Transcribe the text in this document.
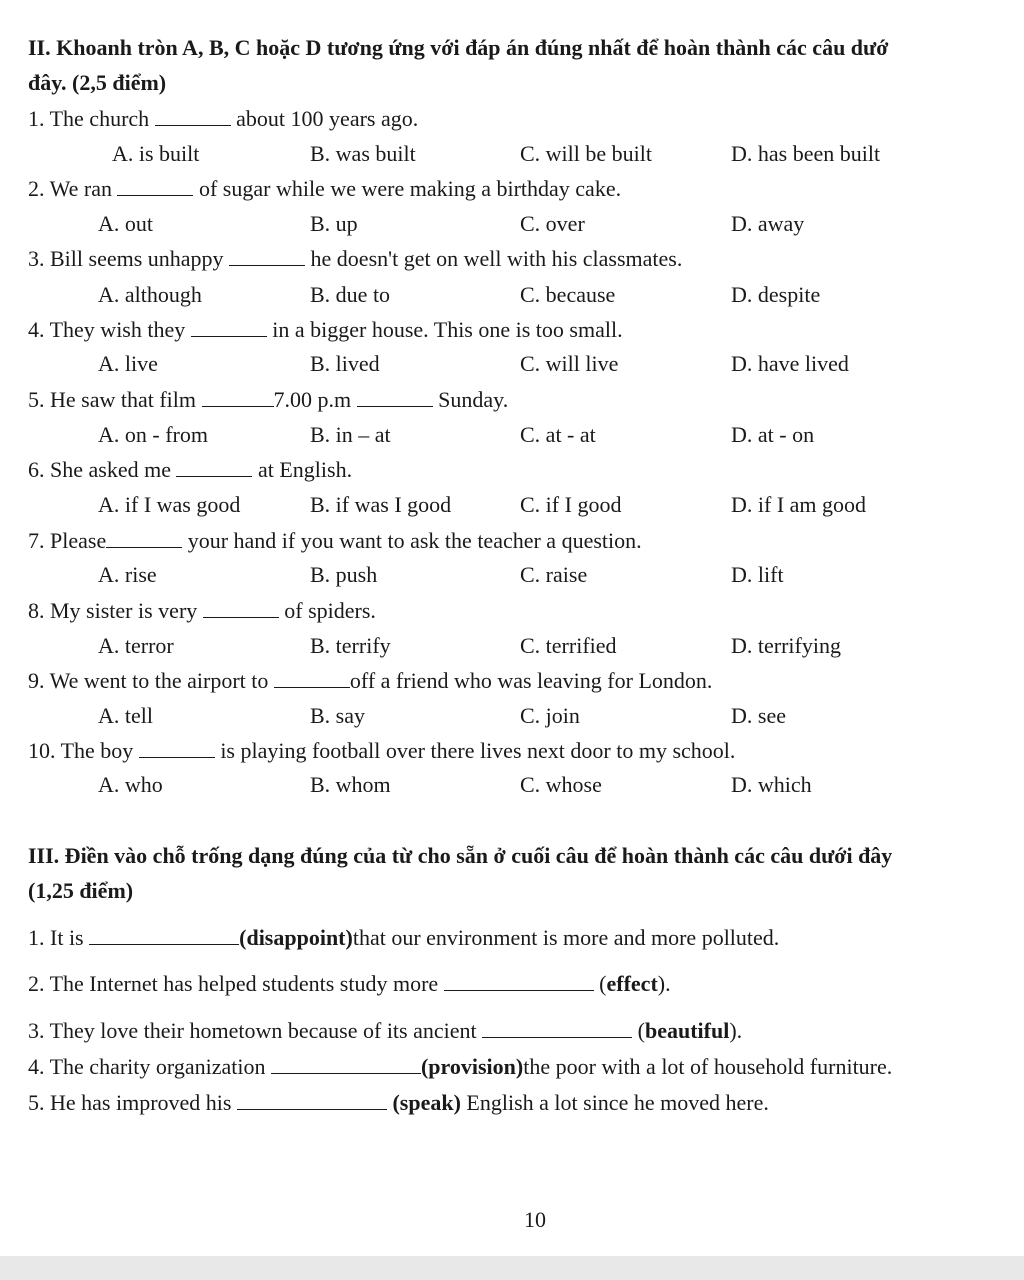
II. Khoanh tròn A, B, C hoặc D tương ứng với đáp án đúng nhất để hoàn thành các câu dướ
đây. (2,5 điểm)
1. The church	about 100 years ago.
A. is built	B. was built	C. will be built	D. has been built
2. We ran	of sugar while we were making a birthday cake.
A. out	B. up	C. over	D. away
3. Bill seems unhappy	he doesn't get on well with his classmates.
A. although	B. due to	C. because	D. despite
4. They wish they	in a bigger house. This one is too small.
A. live	B. lived	C. will live	D. have lived
5. He saw that film	7.00 p.m	Sunday.
A. on - from	B. in – at	C. at - at	D. at - on
6. She asked me	at English.
A. if I was good	B. if was I good	C. if I good	D. if I am good
7. Please	your hand if you want to ask the teacher a question.
A. rise	B. push	C. raise	D. lift
8. My sister is very	of spiders.
A. terror	B. terrify	C. terrified	D. terrifying
9. We went to the airport to	off a friend who was leaving for London.
A. tell	B. say	C. join	D. see
10. The boy	is playing football over there lives next door to my school.
A. who	B. whom	C. whose	D. which
III. Điền vào chỗ trống dạng đúng của từ cho sẵn ở cuối câu để hoàn thành các câu dưới đây
(1,25 điểm)
1. It is	(disappoint)that our environment is more and more polluted.
2. The Internet has helped students study more	(effect).
3. They love their hometown because of its ancient	(beautiful).
4. The charity organization	(provision)the poor with a lot of household furniture.
5. He has improved his	(speak) English a lot since he moved here.
10
